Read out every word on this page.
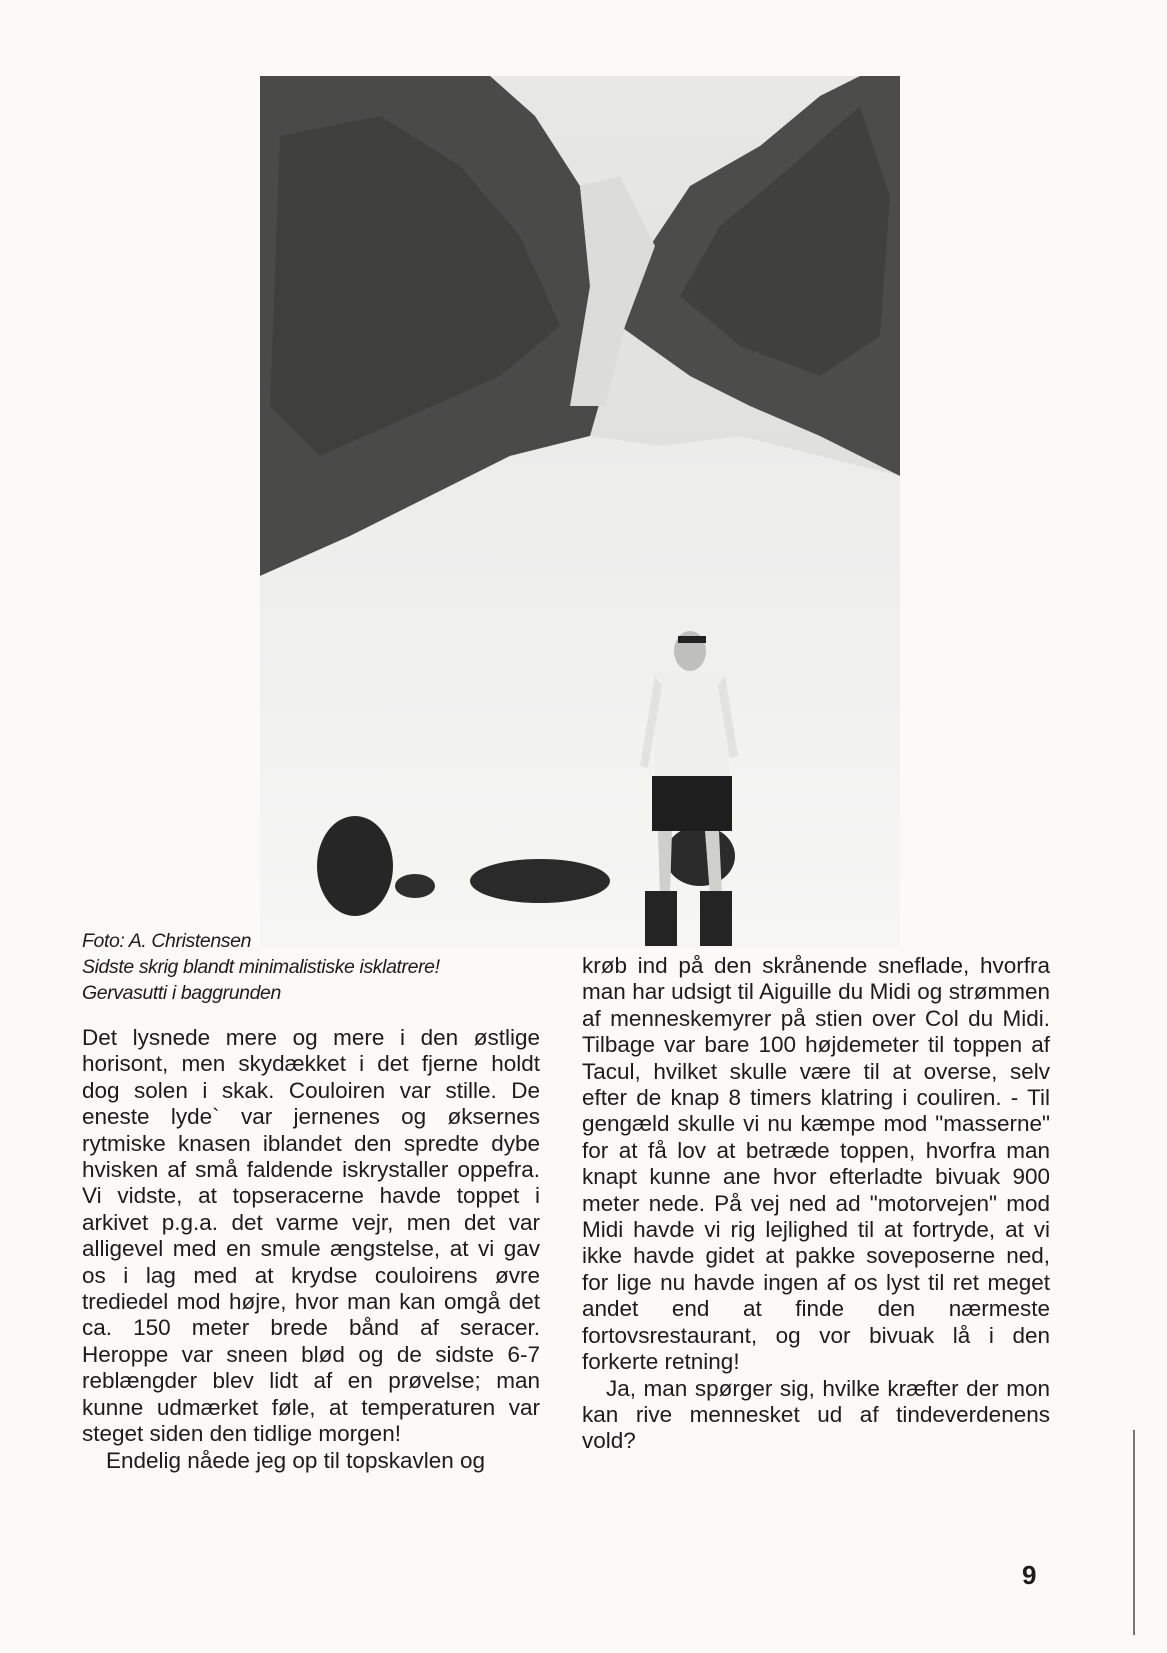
Foto: A. Christensen
Sidste skrig blandt minimalistiske isklatrere!
Gervasutti i baggrunden

Det lysnede mere og mere i den østlige horisont, men skydækket i det fjerne holdt dog solen i skak. Couloiren var stille. De eneste lyde` var jernenes og øksernes rytmiske knasen iblandet den spredte dybe hvisken af små faldende iskrystaller oppefra. Vi vidste, at topseracerne havde toppet i arkivet p.g.a. det varme vejr, men det var alligevel med en smule ængstelse, at vi gav os i lag med at krydse couloirens øvre trediedel mod højre, hvor man kan omgå det ca. 150 meter brede bånd af seracer. Heroppe var sneen blød og de sidste 6-7 reblængder blev lidt af en prøvelse; man kunne udmærket føle, at temperaturen var steget siden den tidlige morgen!

Endelig nåede jeg op til topskavlen og

krøb ind på den skrånende sneflade, hvorfra man har udsigt til Aiguille du Midi og strømmen af menneskemyrer på stien over Col du Midi. Tilbage var bare 100 højdemeter til toppen af Tacul, hvilket skulle være til at overse, selv efter de knap 8 timers klatring i couliren. - Til gengæld skulle vi nu kæmpe mod "masserne" for at få lov at betræde toppen, hvorfra man knapt kunne ane hvor efterladte bivuak 900 meter nede. På vej ned ad "motorvejen" mod Midi havde vi rig lejlighed til at fortryde, at vi ikke havde gidet at pakke soveposerne ned, for lige nu havde ingen af os lyst til ret meget andet end at finde den nærmeste fortovsrestaurant, og vor bivuak lå i den forkerte retning!

Ja, man spørger sig, hvilke kræfter der mon kan rive mennesket ud af tindeverdenens vold?

9
